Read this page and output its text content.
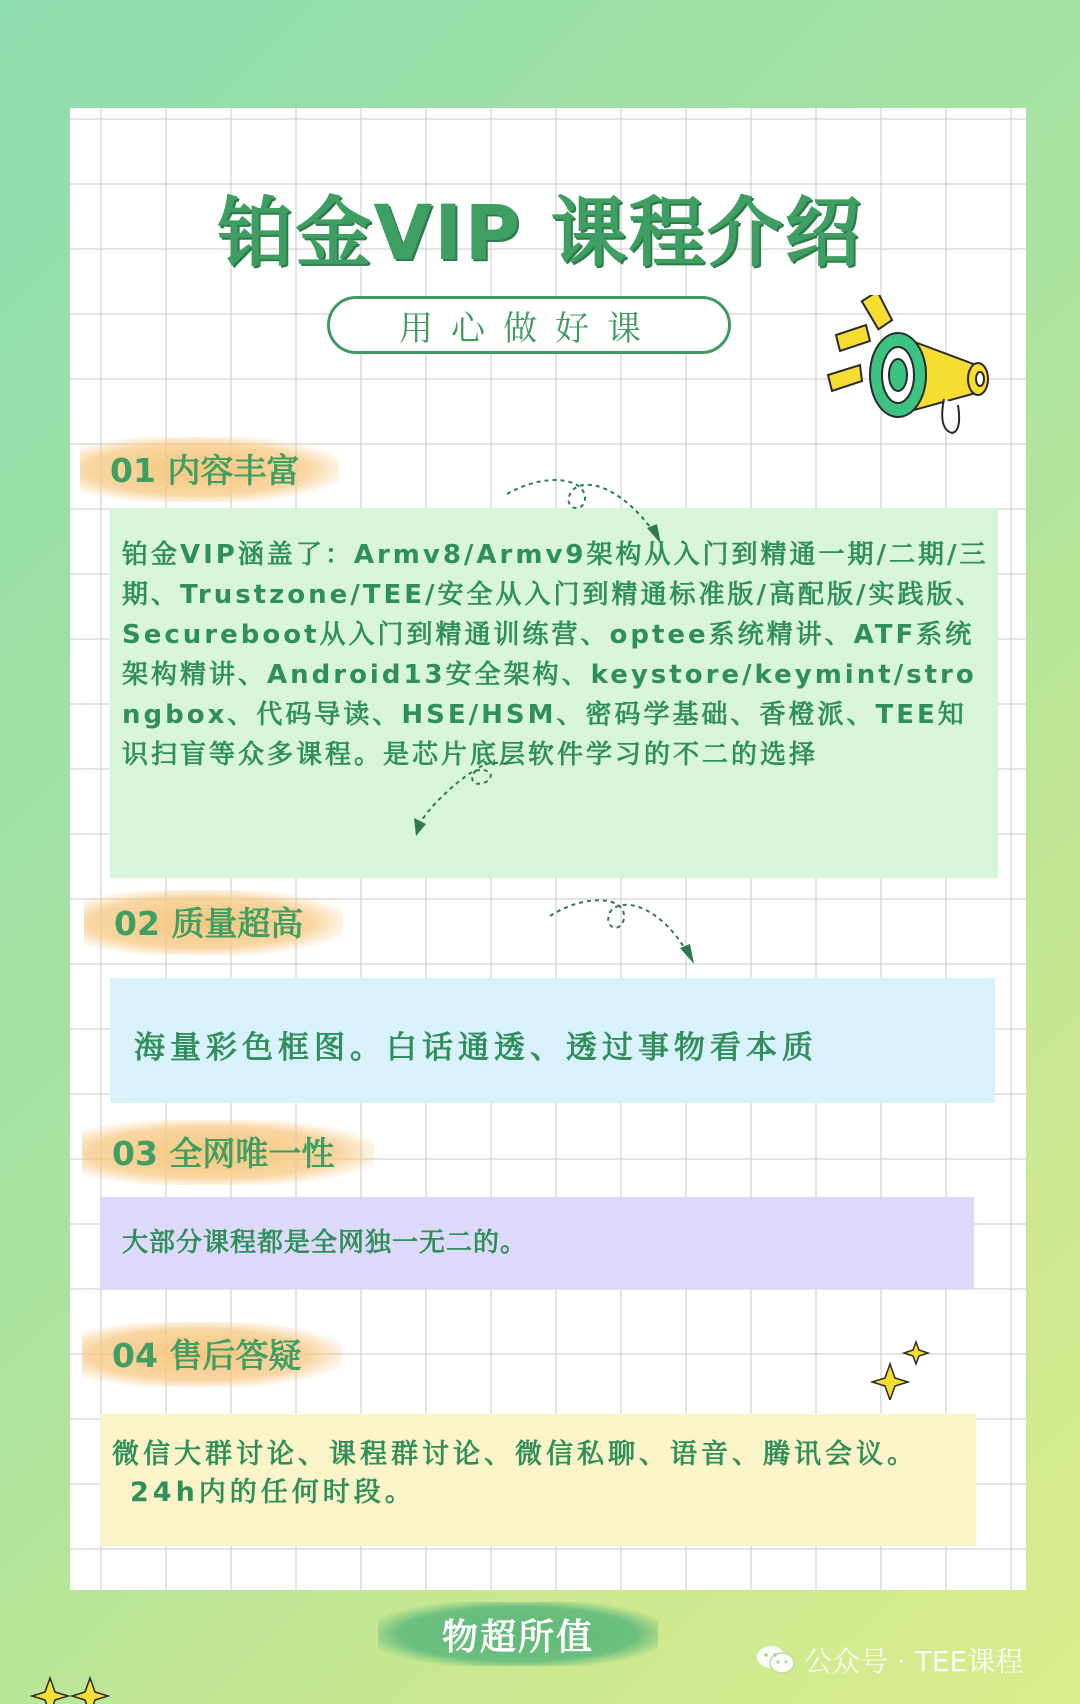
铂金VIP 课程介绍
用心做好课
01 内容丰富
铂金VIP涵盖了：Armv8/Armv9架构从入门到精通一期/二期/三期、Trustzone/TEE/安全从入门到精通标准版/高配版/实践版、Secureboot从入门到精通训练营、optee系统精讲、ATF系统架构精讲、Android13安全架构、keystore/keymint/strongbox、代码导读、HSE/HSM、密码学基础、香橙派、TEE知识扫盲等众多课程。是芯片底层软件学习的不二的选择
02 质量超高
海量彩色框图。白话通透、透过事物看本质
03 全网唯一性
大部分课程都是全网独一无二的。
04 售后答疑
微信大群讨论、课程群讨论、微信私聊、语音、腾讯会议。
24h内的任何时段。
物超所值
公众号 · TEE课程
